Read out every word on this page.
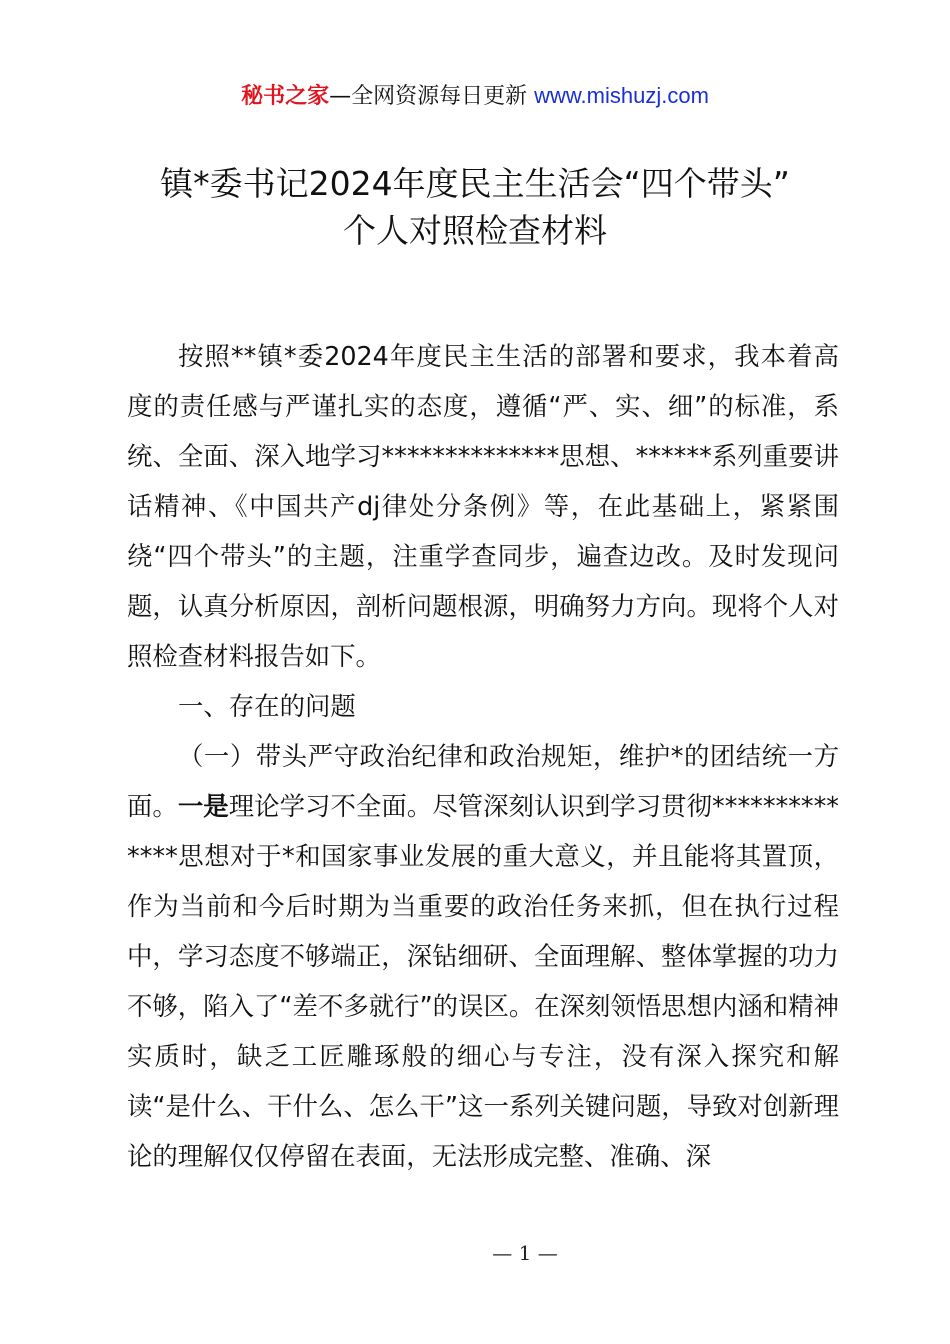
秘书之家—全网资源每日更新 www.mishuzj.com
镇*委书记2024年度民主生活会“四个带头”
个人对照检查材料

按照**镇*委2024年度民主生活的部署和要求，我本着高度的责任感与严谨扎实的态度，遵循“严、实、细”的标准，系统、全面、深入地学习**************思想、******系列重要讲话精神、《中国共产dj律处分条例》等，在此基础上，紧紧围绕“四个带头”的主题，注重学查同步，遍查边改。及时发现问题，认真分析原因，剖析问题根源，明确努力方向。现将个人对照检查材料报告如下。

一、存在的问题

（一）带头严守政治纪律和政治规矩，维护*的团结统一方面。一是理论学习不全面。尽管深刻认识到学习贯彻**************思想对于*和国家事业发展的重大意义，并且能将其置顶，作为当前和今后时期为当重要的政治任务来抓，但在执行过程中，学习态度不够端正，深钻细研、全面理解、整体掌握的功力不够，陷入了“差不多就行”的误区。在深刻领悟思想内涵和精神实质时，缺乏工匠雕琢般的细心与专注，没有深入探究和解读“是什么、干什么、怎么干”这一系列关键问题，导致对创新理论的理解仅仅停留在表面，无法形成完整、准确、深

— 1 —
